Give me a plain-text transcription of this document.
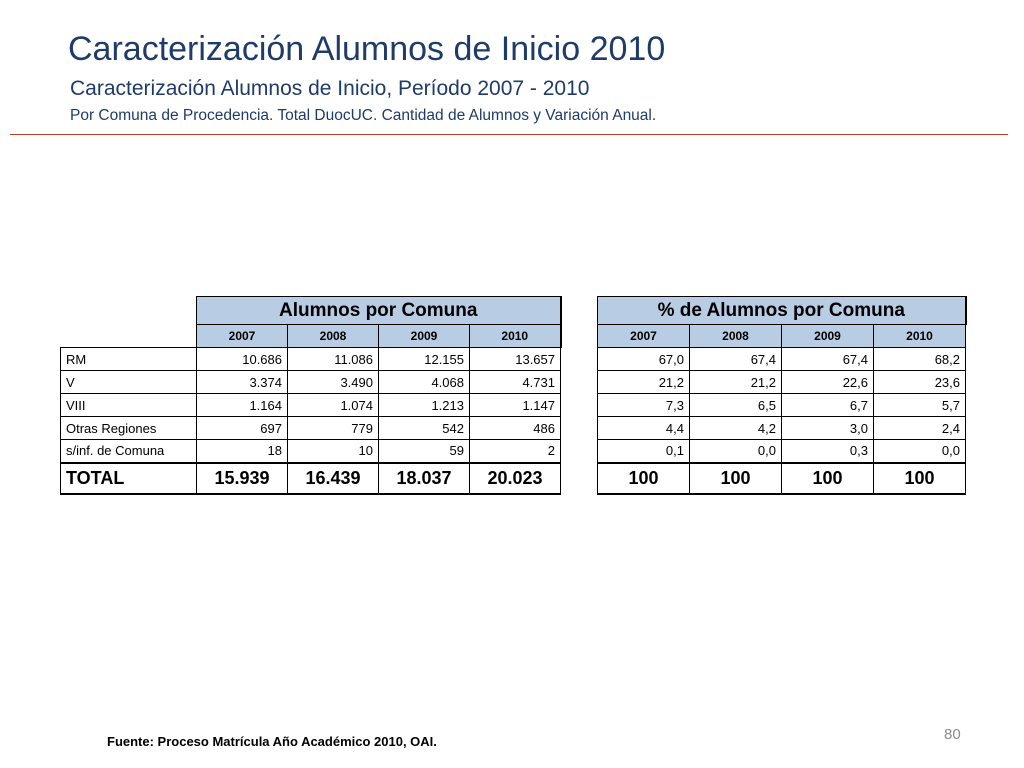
Caracterización Alumnos de Inicio 2010
Caracterización Alumnos de Inicio, Período 2007 - 2010
Por Comuna de Procedencia. Total DuocUC. Cantidad de Alumnos y Variación Anual.
	Alumnos por Comuna			
	2007	2008	2009	2010
RM	10.686	11.086	12.155	13.657
V	3.374	3.490	4.068	4.731
VIII	1.164	1.074	1.213	1.147
Otras Regiones	697	779	542	486
s/inf. de Comuna	18	10	59	2
TOTAL	15.939	16.439	18.037	20.023
% de Alumnos por Comuna			
2007	2008	2009	2010
67,0	67,4	67,4	68,2
21,2	21,2	22,6	23,6
7,3	6,5	6,7	5,7
4,4	4,2	3,0	2,4
0,1	0,0	0,3	0,0
100	100	100	100
Fuente: Proceso Matrícula Año Académico 2010, OAI.	80
